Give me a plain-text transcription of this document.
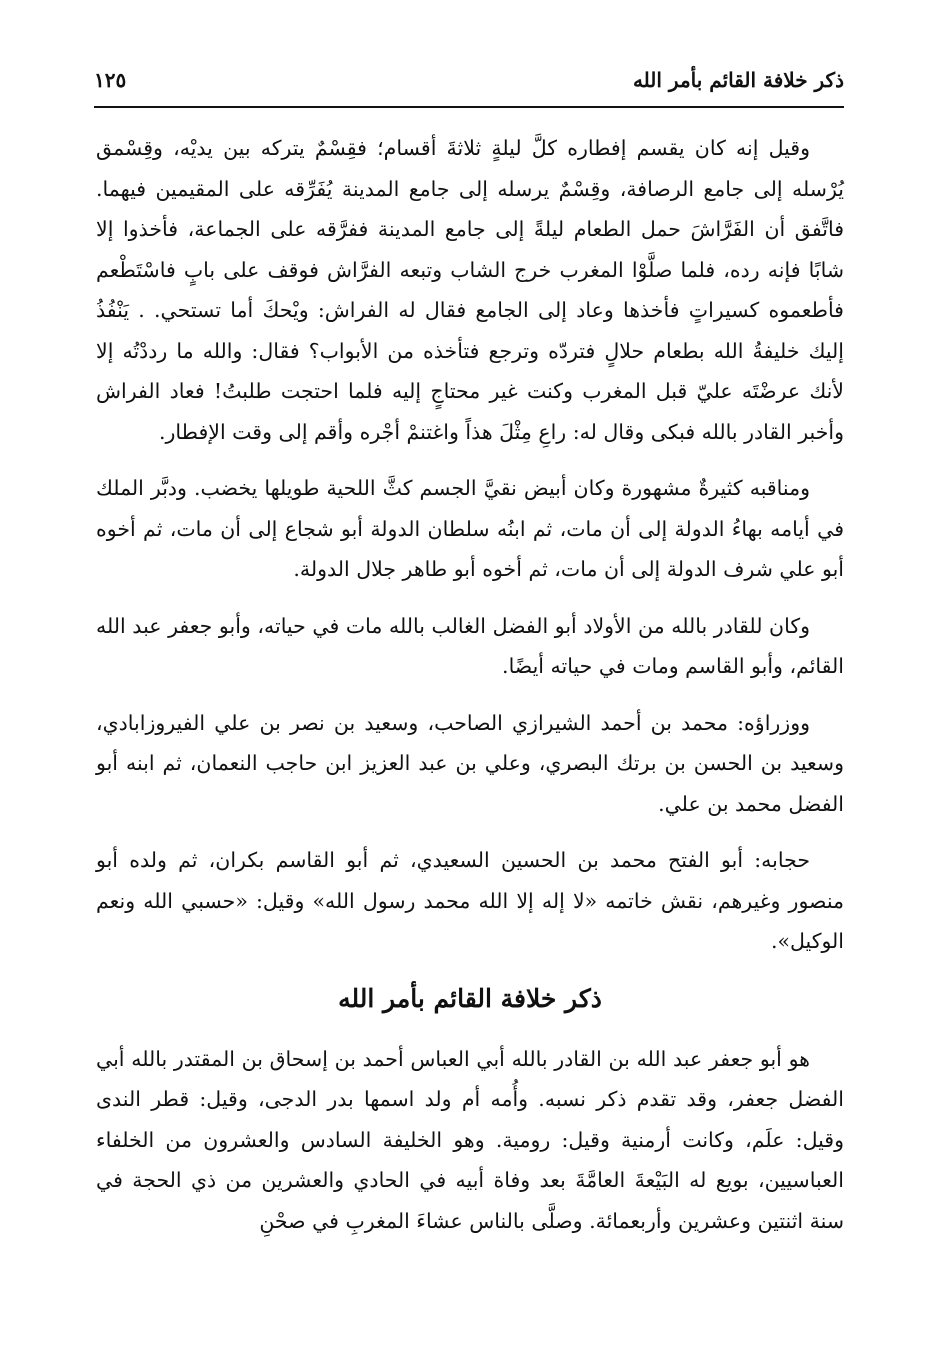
ذكر خلافة القائم بأمر الله
١٢٥

وقيل إنه كان يقسم إفطاره كلَّ ليلةٍ ثلاثةَ أقسام؛ فقِسْمٌ يتركه بين يديْه، وقِسْمق يُرْسله إلى جامع الرصافة، وقِسْمٌ يرسله إلى جامع المدينة يُفَرِّقه على المقيمين فيهما. فاتَّفق أن الفَرَّاشَ حمل الطعام ليلةً إلى جامع المدينة ففرَّقه على الجماعة، فأخذوا إلا شابًا فإنه رده، فلما صلَّوْا المغرب خرج الشاب وتبعه الفرَّاش فوقف على بابٍ فاسْتَطْعم فأطعموه كسيراتٍ فأخذها وعاد إلى الجامع فقال له الفراش: ويْحكَ أما تستحي. . يَنْفُذُ إليك خليفةُ الله بطعام حلالٍ فتردّه وترجع فتأخذه من الأبواب؟ فقال: والله ما رددْتُه إلا لأنك عرضْتَه عليّ قبل المغرب وكنت غير محتاجٍ إليه فلما احتجت طلبتُ! فعاد الفراش وأخبر القادر بالله فبكى وقال له: راعِ مِثْلَ هذاً واغتنمْ أجْره وأقم إلى وقت الإفطار.

ومناقبه كثيرةٌ مشهورة وكان أبيض نقيَّ الجسم كثَّ اللحية طويلها يخضب. ودبَّر الملك في أيامه بهاءُ الدولة إلى أن مات، ثم ابنُه سلطان الدولة أبو شجاع إلى أن مات، ثم أخوه أبو علي شرف الدولة إلى أن مات، ثم أخوه أبو طاهر جلال الدولة.

وكان للقادر بالله من الأولاد أبو الفضل الغالب بالله مات في حياته، وأبو جعفر عبد الله القائم، وأبو القاسم ومات في حياته أيضًا.

ووزراؤه: محمد بن أحمد الشيرازي الصاحب، وسعيد بن نصر بن علي الفيروزابادي، وسعيد بن الحسن بن برتك البصري، وعلي بن عبد العزيز ابن حاجب النعمان، ثم ابنه أبو الفضل محمد بن علي.

حجابه: أبو الفتح محمد بن الحسين السعيدي، ثم أبو القاسم بكران، ثم ولده أبو منصور وغيرهم، نقش خاتمه «لا إله إلا الله محمد رسول الله» وقيل: «حسبي الله ونعم الوكيل».

ذكر خلافة القائم بأمر الله

هو أبو جعفر عبد الله بن القادر بالله أبي العباس أحمد بن إسحاق بن المقتدر بالله أبي الفضل جعفر، وقد تقدم ذكر نسبه. وأُمه أم ولد اسمها بدر الدجى، وقيل: قطر الندى وقيل: علَم، وكانت أرمنية وقيل: رومية. وهو الخليفة السادس والعشرون من الخلفاء العباسيين، بويع له البَيْعةَ العامَّةَ بعد وفاة أبيه في الحادي والعشرين من ذي الحجة في سنة اثنتين وعشرين وأربعمائة. وصلَّى بالناس عشاءَ المغربِ في صحْنِ
